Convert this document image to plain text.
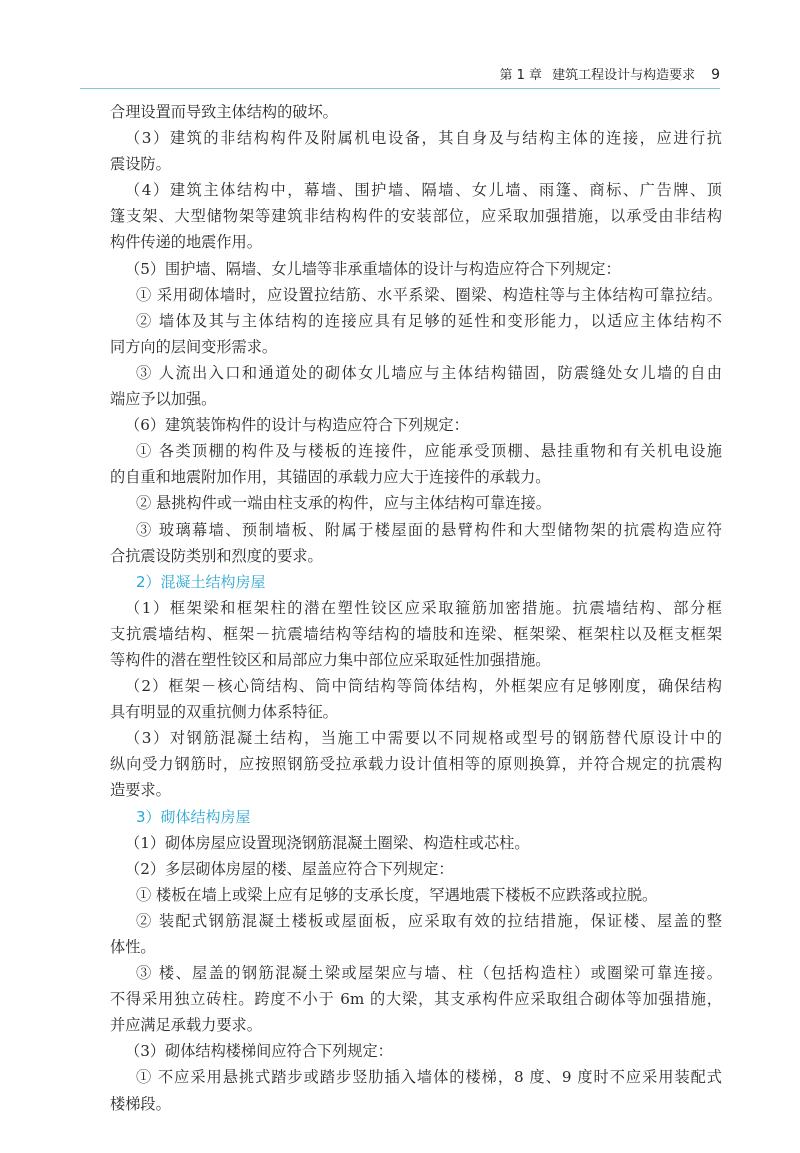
第 1 章 建筑工程设计与构造要求 9

合理设置而导致主体结构的破坏。

（3）建筑的非结构构件及附属机电设备，其自身及与结构主体的连接，应进行抗

震设防。

（4）建筑主体结构中，幕墙、围护墙、隔墙、女儿墙、雨篷、商标、广告牌、顶

篷支架、大型储物架等建筑非结构构件的安装部位，应采取加强措施，以承受由非结构

构件传递的地震作用。

（5）围护墙、隔墙、女儿墙等非承重墙体的设计与构造应符合下列规定：

① 采用砌体墙时，应设置拉结筋、水平系梁、圈梁、构造柱等与主体结构可靠拉结。

② 墙体及其与主体结构的连接应具有足够的延性和变形能力，以适应主体结构不

同方向的层间变形需求。

③ 人流出入口和通道处的砌体女儿墙应与主体结构锚固，防震缝处女儿墙的自由

端应予以加强。

（6）建筑装饰构件的设计与构造应符合下列规定：

① 各类顶棚的构件及与楼板的连接件，应能承受顶棚、悬挂重物和有关机电设施

的自重和地震附加作用，其锚固的承载力应大于连接件的承载力。

② 悬挑构件或一端由柱支承的构件，应与主体结构可靠连接。

③ 玻璃幕墙、预制墙板、附属于楼屋面的悬臂构件和大型储物架的抗震构造应符

合抗震设防类别和烈度的要求。

2）混凝土结构房屋

（1）框架梁和框架柱的潜在塑性铰区应采取箍筋加密措施。抗震墙结构、部分框

支抗震墙结构、框架－抗震墙结构等结构的墙肢和连梁、框架梁、框架柱以及框支框架

等构件的潜在塑性铰区和局部应力集中部位应采取延性加强措施。

（2）框架－核心筒结构、筒中筒结构等筒体结构，外框架应有足够刚度，确保结构

具有明显的双重抗侧力体系特征。

（3）对钢筋混凝土结构，当施工中需要以不同规格或型号的钢筋替代原设计中的

纵向受力钢筋时，应按照钢筋受拉承载力设计值相等的原则换算，并符合规定的抗震构

造要求。

3）砌体结构房屋

（1）砌体房屋应设置现浇钢筋混凝土圈梁、构造柱或芯柱。

（2）多层砌体房屋的楼、屋盖应符合下列规定：

① 楼板在墙上或梁上应有足够的支承长度，罕遇地震下楼板不应跌落或拉脱。

② 装配式钢筋混凝土楼板或屋面板，应采取有效的拉结措施，保证楼、屋盖的整

体性。

③ 楼、屋盖的钢筋混凝土梁或屋架应与墙、柱（包括构造柱）或圈梁可靠连接。

不得采用独立砖柱。跨度不小于 6m 的大梁，其支承构件应采取组合砌体等加强措施，

并应满足承载力要求。

（3）砌体结构楼梯间应符合下列规定：

① 不应采用悬挑式踏步或踏步竖肋插入墙体的楼梯，8 度、9 度时不应采用装配式

楼梯段。
